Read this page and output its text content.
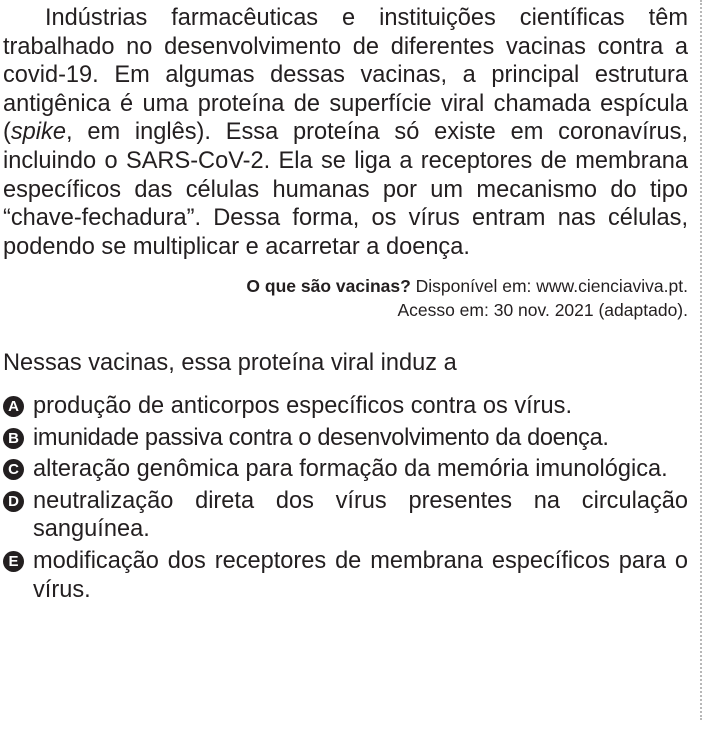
Indústrias farmacêuticas e instituições científicas têm trabalhado no desenvolvimento de diferentes vacinas contra a covid-19. Em algumas dessas vacinas, a principal estrutura antigênica é uma proteína de superfície viral chamada espícula (spike, em inglês). Essa proteína só existe em coronavírus, incluindo o SARS-CoV-2. Ela se liga a receptores de membrana específicos das células humanas por um mecanismo do tipo “chave-fechadura”. Dessa forma, os vírus entram nas células, podendo se multiplicar e acarretar a doença.

O que são vacinas? Disponível em: www.cienciaviva.pt.
Acesso em: 30 nov. 2021 (adaptado).
Nessas vacinas, essa proteína viral induz a
A produção de anticorpos específicos contra os vírus.
B imunidade passiva contra o desenvolvimento da doença.
C alteração genômica para formação da memória imunológica.
D neutralização direta dos vírus presentes na circulação sanguínea.
E modificação dos receptores de membrana específicos para o vírus.
